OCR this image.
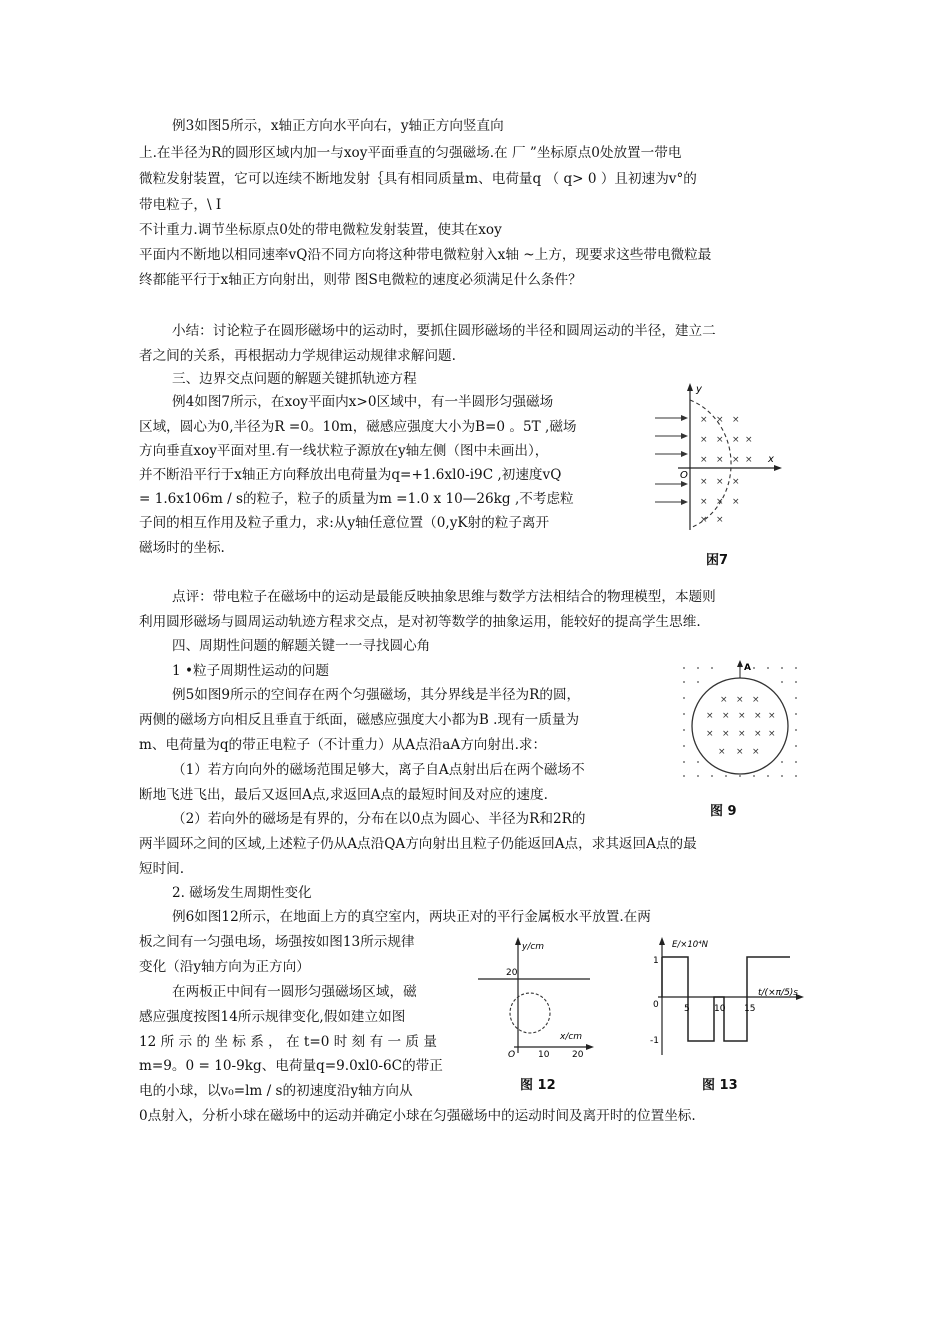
例3如图5所示，x轴正方向水平向右，y轴正方向竖直向
上.在半径为R的圆形区域内加一与xoy平面垂直的匀强磁场.在 厂 ”坐标原点0处放置一带电
微粒发射装置，它可以连续不断地发射｛具有相同质量m、电荷量q （ q> 0 ）且初速为v°的
带电粒子，\ I
不计重力.调节坐标原点0处的带电微粒发射装置，使其在xoy
平面内不断地以相同速率vQ沿不同方向将这种带电微粒射入x轴 ~上方，现要求这些带电微粒最
终都能平行于x轴正方向射出，则带 图S电微粒的速度必须满足什么条件？
小结：讨论粒子在圆形磁场中的运动时，要抓住圆形磁场的半径和圆周运动的半径，建立二
者之间的关系，再根据动力学规律运动规律求解问题.
三、边界交点问题的解题关键抓轨迹方程
例4如图7所示，在xoy平面内x>0区域中，有一半圆形匀强磁场
区域，圆心为0,半径为R =0。10m，磁感应强度大小为B=0 。5T ,磁场
方向垂直xoy平面对里.有一线状粒子源放在y轴左侧（图中未画出），
并不断沿平行于x轴正方向释放出电荷量为q=+1.6xl0-i9C ,初速度vQ
= 1.6x106m / s的粒子，粒子的质量为m =1.0 x 10—26kg ,不考虑粒
子间的相互作用及粒子重力，求:从y轴任意位置（0,yK射的粒子离开
磁场时的坐标.
y
x
O
× × ×
× × × ×
× × × ×
× × ×
× × ×
× ×
困7
点评：带电粒子在磁场中的运动是最能反映抽象思维与数学方法相结合的物理模型，本题则
利用圆形磁场与圆周运动轨迹方程求交点，是对初等数学的抽象运用，能较好的提高学生思维.
四、周期性问题的解题关键一一寻找圆心角
1 •粒子周期性运动的问题
例5如图9所示的空间存在两个匀强磁场，其分界线是半径为R的圆，
两侧的磁场方向相反且垂直于纸面，磁感应强度大小都为B .现有一质量为
m、电荷量为q的带正电粒子（不计重力）从A点沿aA方向射出.求：
（1）若方向向外的磁场范围足够大，离子自A点射出后在两个磁场不
断地飞进飞出，最后又返回A点,求返回A点的最短时间及对应的速度.
（2）若向外的磁场是有界的，分布在以0点为圆心、半径为R和2R的
两半圆环之间的区域,上述粒子仍从A点沿QA方向射出且粒子仍能返回A点，求其返回A点的最
短时间.
A
× × ×
× × × × ×
× × × × ×
× × ×
图 9
2. 磁场发生周期性变化
例6如图12所示，在地面上方的真空室内，两块正对的平行金属板水平放置.在两
板之间有一匀强电场，场强按如图13所示规律
变化（沿y轴方向为正方向）
在两板正中间有一圆形匀强磁场区域，磁
感应强度按图14所示规律变化,假如建立如图
12 所 示 的 坐 标 系 ， 在 t=0 时 刻 有 一 质 量
m=9。0 = 10-9kg、电荷量q=9.0xl0-6C的带正
电的小球，以v₀=lm / s的初速度沿y轴方向从
0点射入，分析小球在磁场中的运动并确定小球在匀强磁场中的运动时间及离开时的位置坐标.
y/cm
x/cm
20
O	10	20
图 12
E/×10⁴N
t/(×π/5)s
1
-1
0	5	10 15
图 13
